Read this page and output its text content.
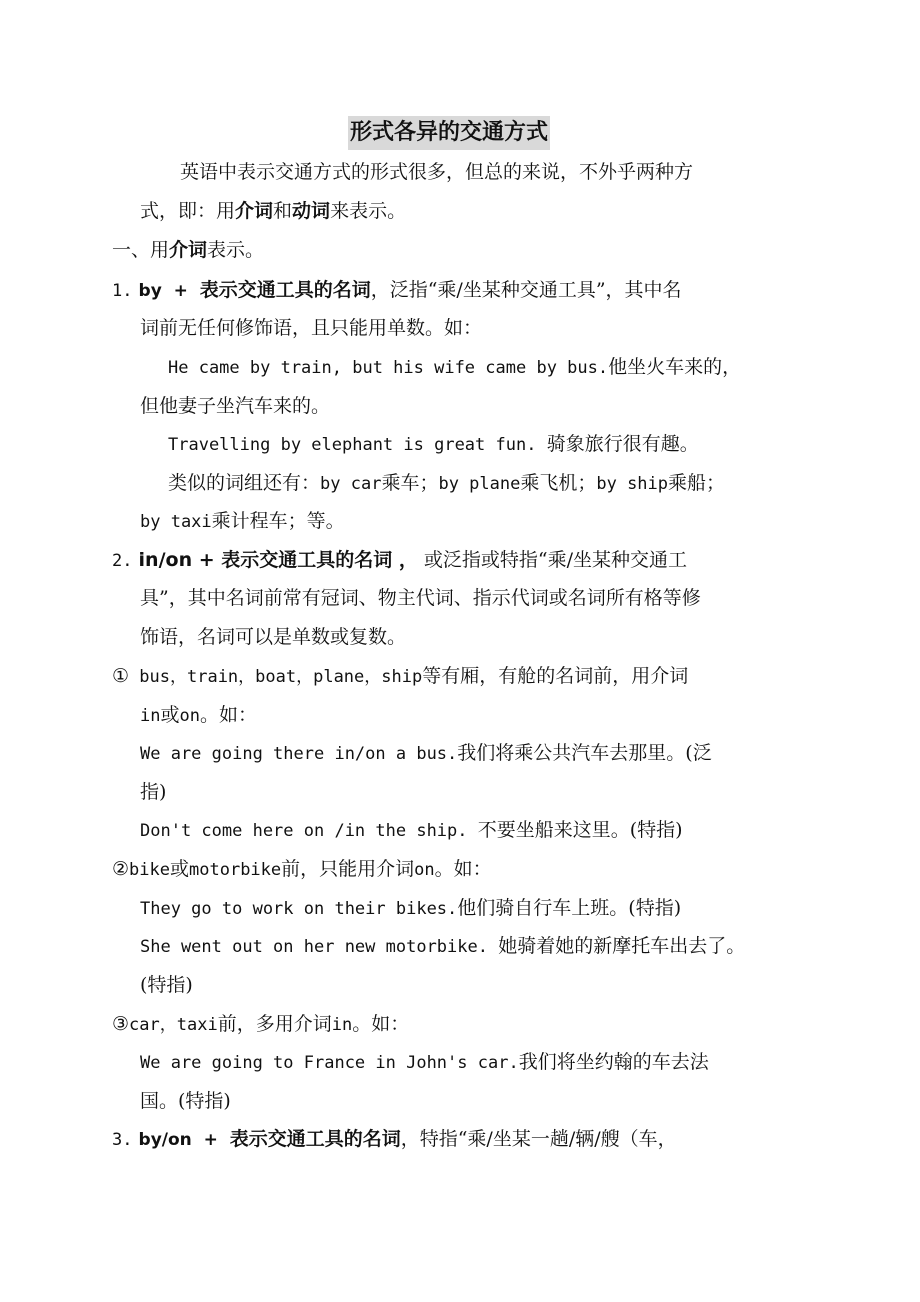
形式各异的交通方式
英语中表示交通方式的形式很多，但总的来说，不外乎两种方
式，即：用介词和动词来表示。
一、用介词表示。
1. by  +  表示交通工具的名词，泛指“乘/坐某种交通工具”，其中名
词前无任何修饰语，且只能用单数。如：
He came by train, but his wife came by bus.他坐火车来的，
但他妻子坐汽车来的。
Travelling by elephant is great fun. 骑象旅行很有趣。
类似的词组还有：by car乘车；by plane乘飞机；by ship乘船；
by taxi乘计程车；等。
2. in/on + 表示交通工具的名词 ， 或泛指或特指“乘/坐某种交通工
具”，其中名词前常有冠词、物主代词、指示代词或名词所有格等修
饰语，名词可以是单数或复数。
① bus，train，boat，plane，ship等有厢，有舱的名词前，用介词
in或on。如：
We are going there in/on a bus.我们将乘公共汽车去那里。(泛
指)
Don't come here on /in the ship. 不要坐船来这里。(特指)
②bike或motorbike前，只能用介词on。如：
They go to work on their bikes.他们骑自行车上班。(特指)
She went out on her new motorbike. 她骑着她的新摩托车出去了。
(特指)
③car，taxi前，多用介词in。如：
We are going to France in John's car.我们将坐约翰的车去法
国。(特指)
3. by/on  +  表示交通工具的名词，特指“乘/坐某一趟/辆/艘（车，
